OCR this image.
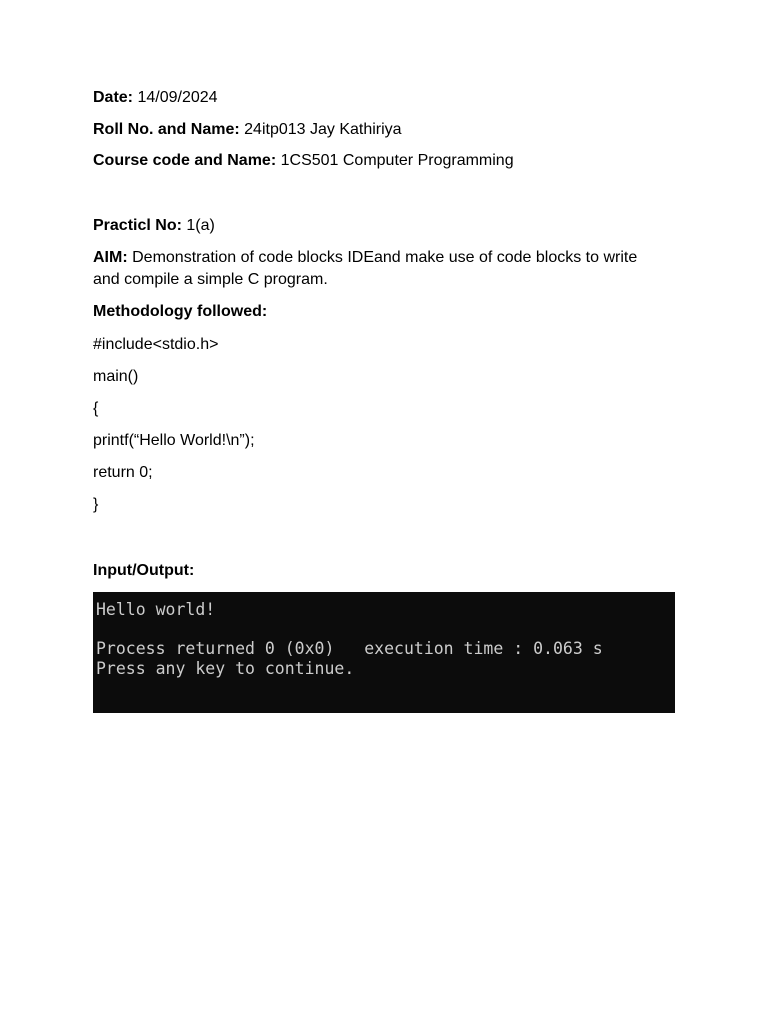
Date: 14/09/2024
Roll No. and Name: 24itp013 Jay Kathiriya
Course code and Name: 1CS501 Computer Programming
Practicl No: 1(a)
AIM: Demonstration of code blocks IDEand make use of code blocks to write and compile a simple C program.
Methodology followed:
#include<stdio.h>
main()
{
printf(“Hello World!\n”);
return 0;
}
Input/Output:
Hello world!
Process returned 0 (0x0)   execution time : 0.063 s
Press any key to continue.
